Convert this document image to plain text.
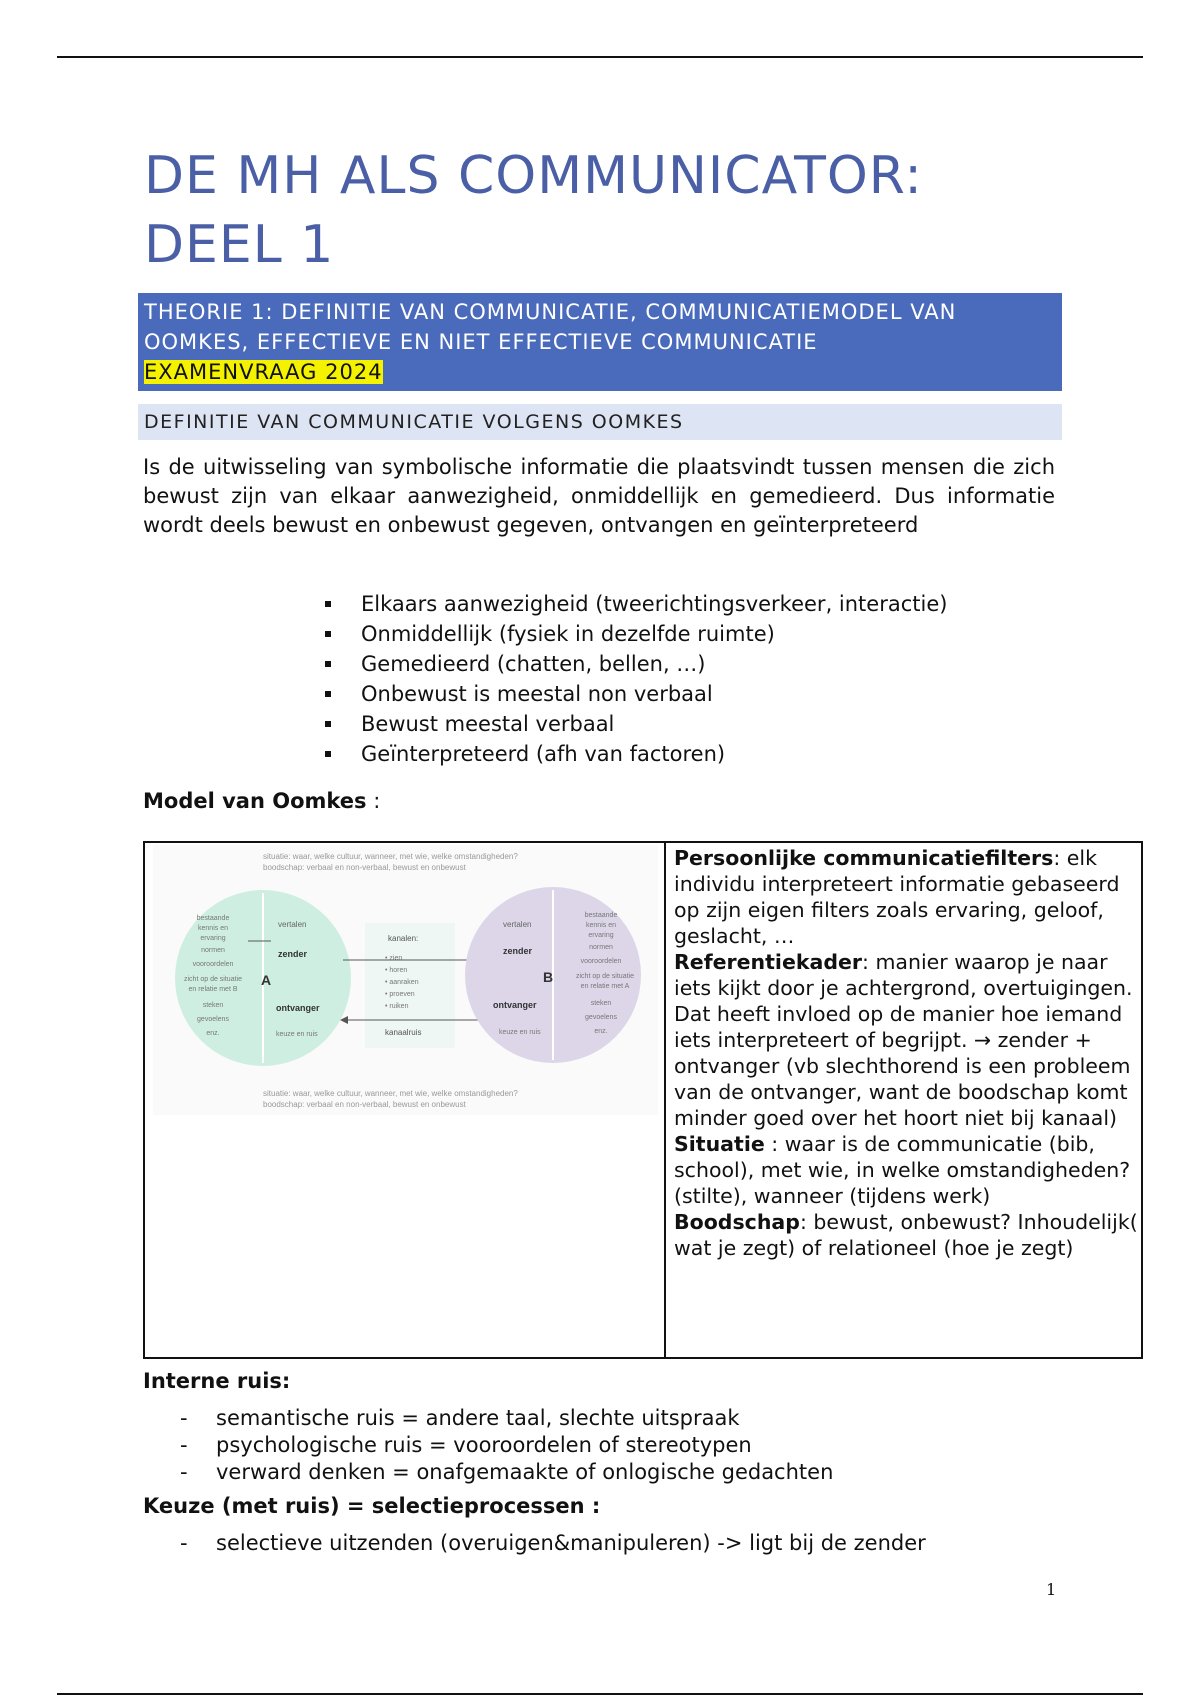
DE MH ALS COMMUNICATOR:
DEEL 1
THEORIE 1: DEFINITIE VAN COMMUNICATIE, COMMUNICATIEMODEL VAN
OOMKES, EFFECTIEVE EN NIET EFFECTIEVE COMMUNICATIE
EXAMENVRAAG 2024
DEFINITIE VAN COMMUNICATIE VOLGENS OOMKES

Is de uitwisseling van symbolische informatie die plaatsvindt tussen mensen die zich bewust zijn van elkaar aanwezigheid, onmiddellijk en gemedieerd. Dus informatie wordt deels bewust en onbewust gegeven, ontvangen en geïnterpreteerd

Elkaars aanwezigheid (tweerichtingsverkeer, interactie)
Onmiddellijk (fysiek in dezelfde ruimte)
Gemedieerd (chatten, bellen, …)
Onbewust is meestal non verbaal
Bewust meestal verbaal
Geïnterpreteerd (afh van factoren)
Model van Oomkes :
situatie: waar, welke cultuur, wanneer, met wie, welke omstandigheden?
boodschap: verbaal en non-verbaal, bewust en onbewust
A
bestaande
kennis en
ervaring
normen
vooroordelen
zicht op de situatie
en relatie met B
steken
gevoelens
enz.
vertalen
zender
ontvanger
keuze en ruis
kanalen:
• zien
• horen
• aanraken
• proeven
• ruiken
kanaalruis
B
vertalen
zender
ontvanger
keuze en ruis
bestaande
kennis en
ervaring
normen
vooroordelen
zicht op de situatie
en relatie met A
steken
gevoelens
enz.
situatie: waar, welke cultuur, wanneer, met wie, welke omstandigheden?
boodschap: verbaal en non-verbaal, bewust en onbewust

Persoonlijke communicatiefilters: elk individu interpreteert informatie gebaseerd op zijn eigen filters zoals ervaring, geloof, geslacht, …

Referentiekader: manier waarop je naar iets kijkt door je achtergrond, overtuigingen. Dat heeft invloed op de manier hoe iemand iets interpreteert of begrijpt. → zender + ontvanger (vb slechthorend is een probleem van de ontvanger, want de boodschap komt minder goed over het hoort niet bij kanaal)

Situatie : waar is de communicatie (bib, school), met wie, in welke omstandigheden? (stilte), wanneer (tijdens werk)

Boodschap: bewust, onbewust? Inhoudelijk( wat je zegt) of relationeel (hoe je zegt)

Interne ruis:
- semantische ruis = andere taal, slechte uitspraak
- psychologische ruis = vooroordelen of stereotypen
- verward denken = onafgemaakte of onlogische gedachten
Keuze (met ruis) = selectieprocessen :
- selectieve uitzenden (overuigen&manipuleren) -> ligt bij de zender
1
